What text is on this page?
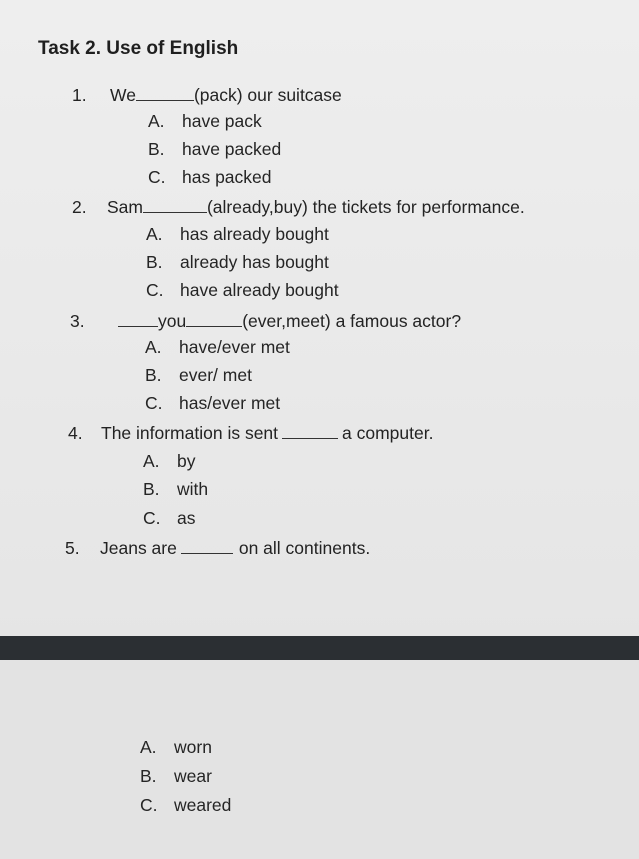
Task 2. Use of English
1. We	(pack) our suitcase
A. have pack
B. have packed
C. has packed
2. Sam	(already,buy) the tickets for performance.
A. has already bought
B. already has bought
C. have already bought
3.	you	(ever,meet) a famous actor?
A. have/ever met
B. ever/ met
C. has/ever met
4. The information is sent	a computer.
A. by
B. with
C. as
5. Jeans are	on all continents.
A. worn
B. wear
C. weared
